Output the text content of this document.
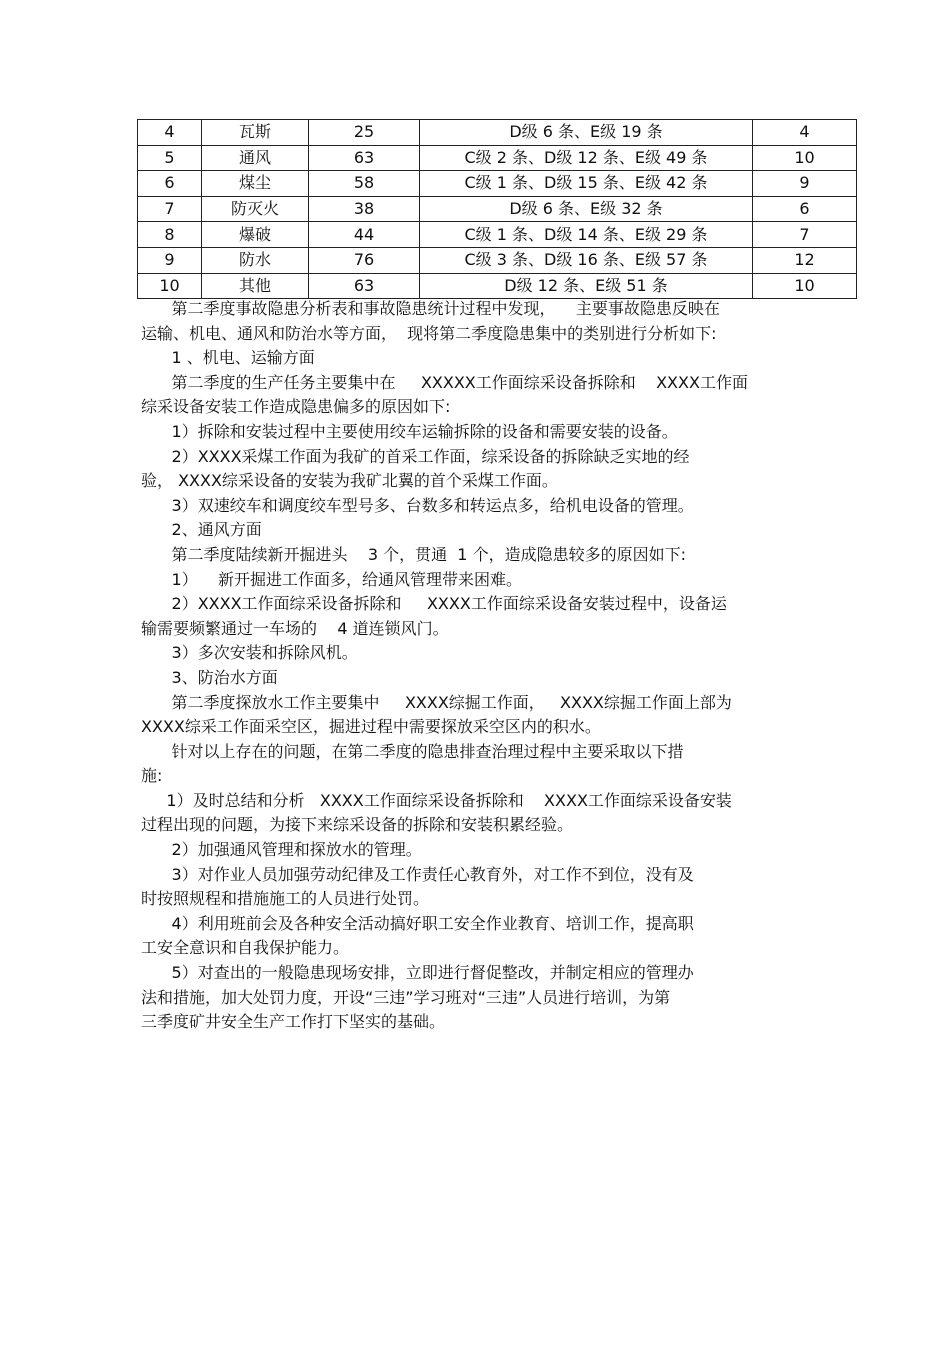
4	瓦斯	25	D级 6 条、E级 19 条	4
5	通风	63	C级 2 条、D级 12 条、E级 49 条	10
6	煤尘	58	C级 1 条、D级 15 条、E级 42 条	9
7	防灭火	38	D级 6 条、E级 32 条	6
8	爆破	44	C级 1 条、D级 14 条、E级 29 条	7
9	防水	76	C级 3 条、D级 16 条、E级 57 条	12
10	其他	63	D级 12 条、E级 51 条	10
第二季度事故隐患分析表和事故隐患统计过程中发现，    主要事故隐患反映在
运输、机电、通风和防治水等方面，  现将第二季度隐患集中的类别进行分析如下:
1 、机电、运输方面
第二季度的生产任务主要集中在     XXXXX工作面综采设备拆除和    XXXX工作面
综采设备安装工作造成隐患偏多的原因如下:
1）拆除和安装过程中主要使用绞车运输拆除的设备和需要安装的设备。
2）XXXX采煤工作面为我矿的首采工作面，综采设备的拆除缺乏实地的经
验， XXXX综采设备的安装为我矿北翼的首个采煤工作面。
3）双速绞车和调度绞车型号多、台数多和转运点多，给机电设备的管理。
2、通风方面
第二季度陆续新开掘进头    3 个，贯通  1 个，造成隐患较多的原因如下:
1）    新开掘进工作面多，给通风管理带来困难。
2）XXXX工作面综采设备拆除和     XXXX工作面综采设备安装过程中，设备运
输需要频繁通过一车场的    4 道连锁风门。
3）多次安装和拆除风机。
3、防治水方面
第二季度探放水工作主要集中     XXXX综掘工作面，   XXXX综掘工作面上部为
XXXX综采工作面采空区，掘进过程中需要探放采空区内的积水。
针对以上存在的问题，在第二季度的隐患排查治理过程中主要采取以下措
施:
1）及时总结和分析   XXXX工作面综采设备拆除和    XXXX工作面综采设备安装
过程出现的问题，为接下来综采设备的拆除和安装积累经验。
2）加强通风管理和探放水的管理。
3）对作业人员加强劳动纪律及工作责任心教育外，对工作不到位，没有及
时按照规程和措施施工的人员进行处罚。
4）利用班前会及各种安全活动搞好职工安全作业教育、培训工作，提高职
工安全意识和自我保护能力。
5）对查出的一般隐患现场安排，立即进行督促整改，并制定相应的管理办
法和措施，加大处罚力度，开设“三违”学习班对“三违”人员进行培训，为第
三季度矿井安全生产工作打下坚实的基础。
